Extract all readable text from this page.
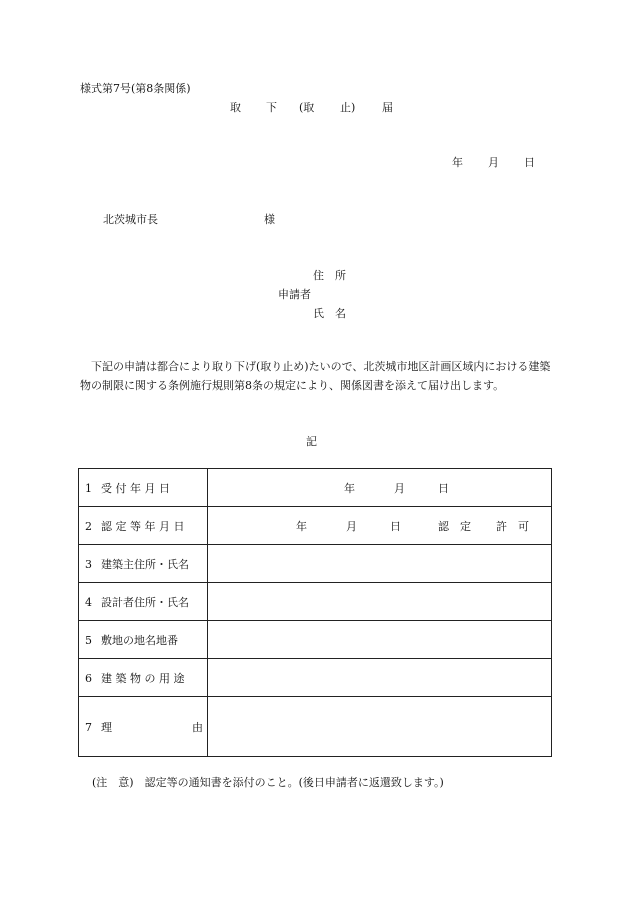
様式第7号(第8条関係)
取 下 (取 止) 届
年 月 日
北茨城市長	様
住　所
申請者
氏　名
下記の申請は都合により取り下げ(取り止め)たいので、北茨城市地区計画区域内における建築物の制限に関する条例施行規則第8条の規定により、関係図書を添えて届け出します。
記
1 受 付 年 月 日	年 月 日

2 認 定 等 年 月 日	年 月 日 認　定 許　可

3 建築主住所・氏名	
4 設計者住所・氏名	
5 敷地の地名地番	
6 建 築 物 の 用 途	
7 理 由	

(注　意)　認定等の通知書を添付のこと。(後日申請者に返還致します。)
